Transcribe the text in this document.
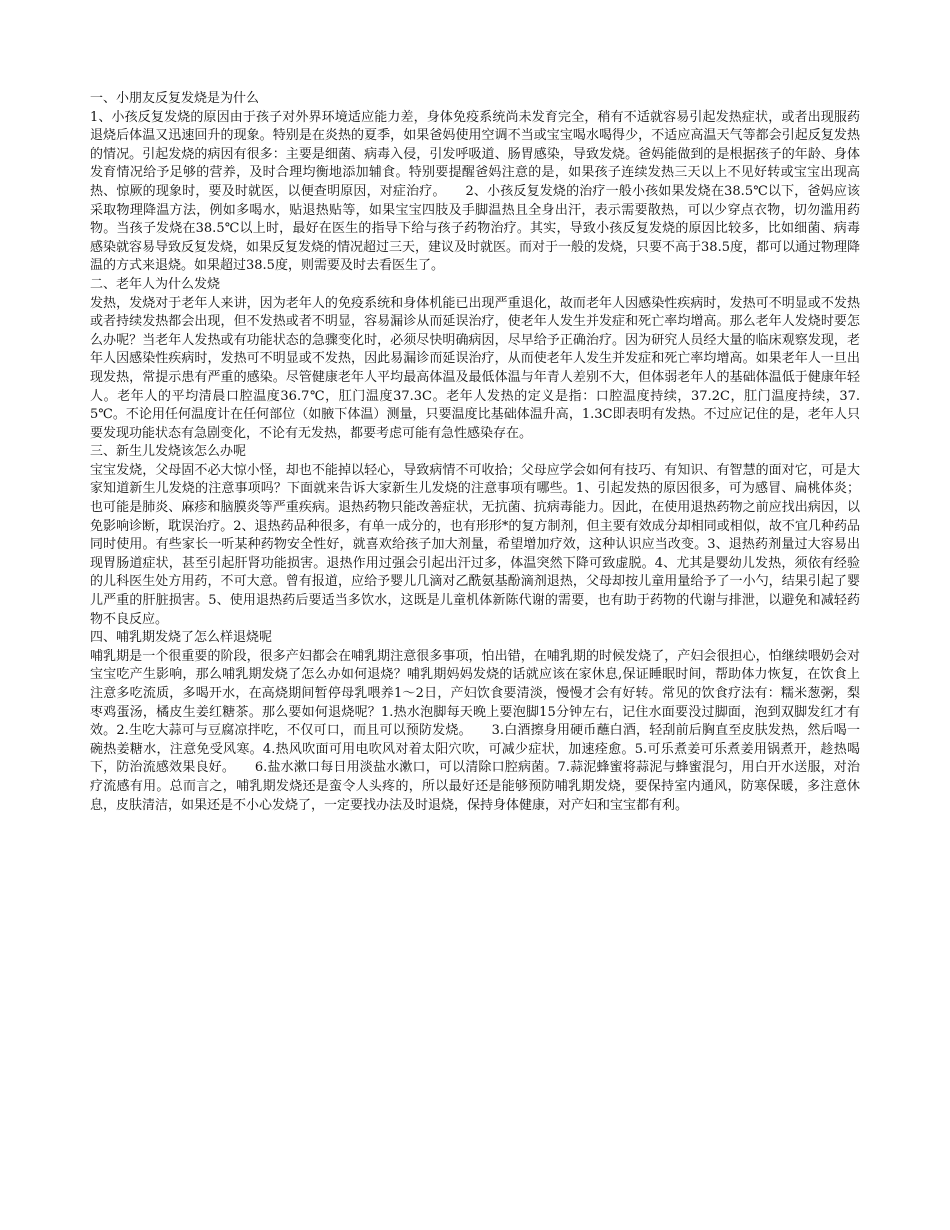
一、小朋友反复发烧是为什么
1、小孩反复发烧的原因由于孩子对外界环境适应能力差，身体免疫系统尚未发育完全，稍有不适就容易引起发热症状，或者出现服药退烧后体温又迅速回升的现象。特别是在炎热的夏季，如果爸妈使用空调不当或宝宝喝水喝得少，不适应高温天气等都会引起反复发热的情况。引起发烧的病因有很多：主要是细菌、病毒入侵，引发呼吸道、肠胃感染，导致发烧。爸妈能做到的是根据孩子的年龄、身体发育情况给予足够的营养，及时合理均衡地添加辅食。特别要提醒爸妈注意的是，如果孩子连续发热三天以上不见好转或宝宝出现高热、惊厥的现象时，要及时就医，以便查明原因，对症治疗。　　2、小孩反复发烧的治疗一般小孩如果发烧在38.5℃以下，爸妈应该采取物理降温方法，例如多喝水，贴退热贴等，如果宝宝四肢及手脚温热且全身出汗，表示需要散热，可以少穿点衣物，切勿滥用药物。当孩子发烧在38.5℃以上时，最好在医生的指导下给与孩子药物治疗。其实，导致小孩反复发烧的原因比较多，比如细菌、病毒感染就容易导致反复发烧，如果反复发烧的情况超过三天，建议及时就医。而对于一般的发烧，只要不高于38.5度，都可以通过物理降温的方式来退烧。如果超过38.5度，则需要及时去看医生了。
二、老年人为什么发烧
发热，发烧对于老年人来讲，因为老年人的免疫系统和身体机能已出现严重退化，故而老年人因感染性疾病时，发热可不明显或不发热或者持续发热都会出现，但不发热或者不明显，容易漏诊从而延误治疗，使老年人发生并发症和死亡率均增高。那么老年人发烧时要怎么办呢？当老年人发热或有功能状态的急骤变化时，必须尽快明确病因，尽早给予正确治疗。因为研究人员经大量的临床观察发现，老年人因感染性疾病时，发热可不明显或不发热，因此易漏诊而延误治疗，从而使老年人发生并发症和死亡率均增高。如果老年人一旦出现发热，常提示患有严重的感染。尽管健康老年人平均最高体温及最低体温与年青人差别不大，但体弱老年人的基础体温低于健康年轻人。老年人的平均清晨口腔温度36.7℃，肛门温度37.3C。老年人发热的定义是指：口腔温度持续，37.2C，肛门温度持续，37.5℃。不论用任何温度计在任何部位（如腋下体温）测量，只要温度比基础体温升高，1.3C即表明有发热。不过应记住的是，老年人只要发现功能状态有急剧变化，不论有无发热，都要考虑可能有急性感染存在。
三、新生儿发烧该怎么办呢
宝宝发烧，父母固不必大惊小怪，却也不能掉以轻心，导致病情不可收拾；父母应学会如何有技巧、有知识、有智慧的面对它，可是大家知道新生儿发烧的注意事项吗？下面就来告诉大家新生儿发烧的注意事项有哪些。1、引起发热的原因很多，可为感冒、扁桃体炎；也可能是肺炎、麻疹和脑膜炎等严重疾病。退热药物只能改善症状，无抗菌、抗病毒能力。因此，在使用退热药物之前应找出病因，以免影响诊断，耽误治疗。2、退热药品种很多，有单一成分的，也有形形*的复方制剂，但主要有效成分却相同或相似，故不宜几种药品同时使用。有些家长一听某种药物安全性好，就喜欢给孩子加大剂量，希望增加疗效，这种认识应当改变。3、退热药剂量过大容易出现胃肠道症状，甚至引起肝肾功能损害。退热作用过强会引起出汗过多，体温突然下降可致虚脱。4、尤其是婴幼儿发热，须依有经验的儿科医生处方用药，不可大意。曾有报道，应给予婴儿几滴对乙酰氨基酚滴剂退热，父母却按儿童用量给予了一小勺，结果引起了婴儿严重的肝脏损害。5、使用退热药后要适当多饮水，这既是儿童机体新陈代谢的需要，也有助于药物的代谢与排泄，以避免和减轻药物不良反应。
四、哺乳期发烧了怎么样退烧呢
哺乳期是一个很重要的阶段，很多产妇都会在哺乳期注意很多事项，怕出错，在哺乳期的时候发烧了，产妇会很担心，怕继续喂奶会对宝宝吃产生影响，那么哺乳期发烧了怎么办如何退烧？哺乳期妈妈发烧的话就应该在家休息,保证睡眠时间，帮助体力恢复，在饮食上注意多吃流质，多喝开水，在高烧期间暂停母乳喂养1～2日，产妇饮食要清淡，慢慢才会有好转。常见的饮食疗法有：糯米葱粥，梨枣鸡蛋汤，橘皮生姜红糖茶。那么要如何退烧呢？1.热水泡脚每天晚上要泡脚15分钟左右，记住水面要没过脚面，泡到双脚发红才有效。2.生吃大蒜可与豆腐凉拌吃，不仅可口，而且可以预防发烧。　　3.白酒擦身用硬币蘸白酒，轻刮前后胸直至皮肤发热，然后喝一碗热姜糖水，注意免受风寒。4.热风吹面可用电吹风对着太阳穴吹，可减少症状，加速痊愈。5.可乐煮姜可乐煮姜用锅煮开，趁热喝下，防治流感效果良好。　　6.盐水漱口每日用淡盐水漱口，可以清除口腔病菌。7.蒜泥蜂蜜将蒜泥与蜂蜜混匀，用白开水送服，对治疗流感有用。总而言之，哺乳期发烧还是蛮令人头疼的，所以最好还是能够预防哺乳期发烧，要保持室内通风，防寒保暖，多注意休息，皮肤清洁，如果还是不小心发烧了，一定要找办法及时退烧，保持身体健康，对产妇和宝宝都有利。
